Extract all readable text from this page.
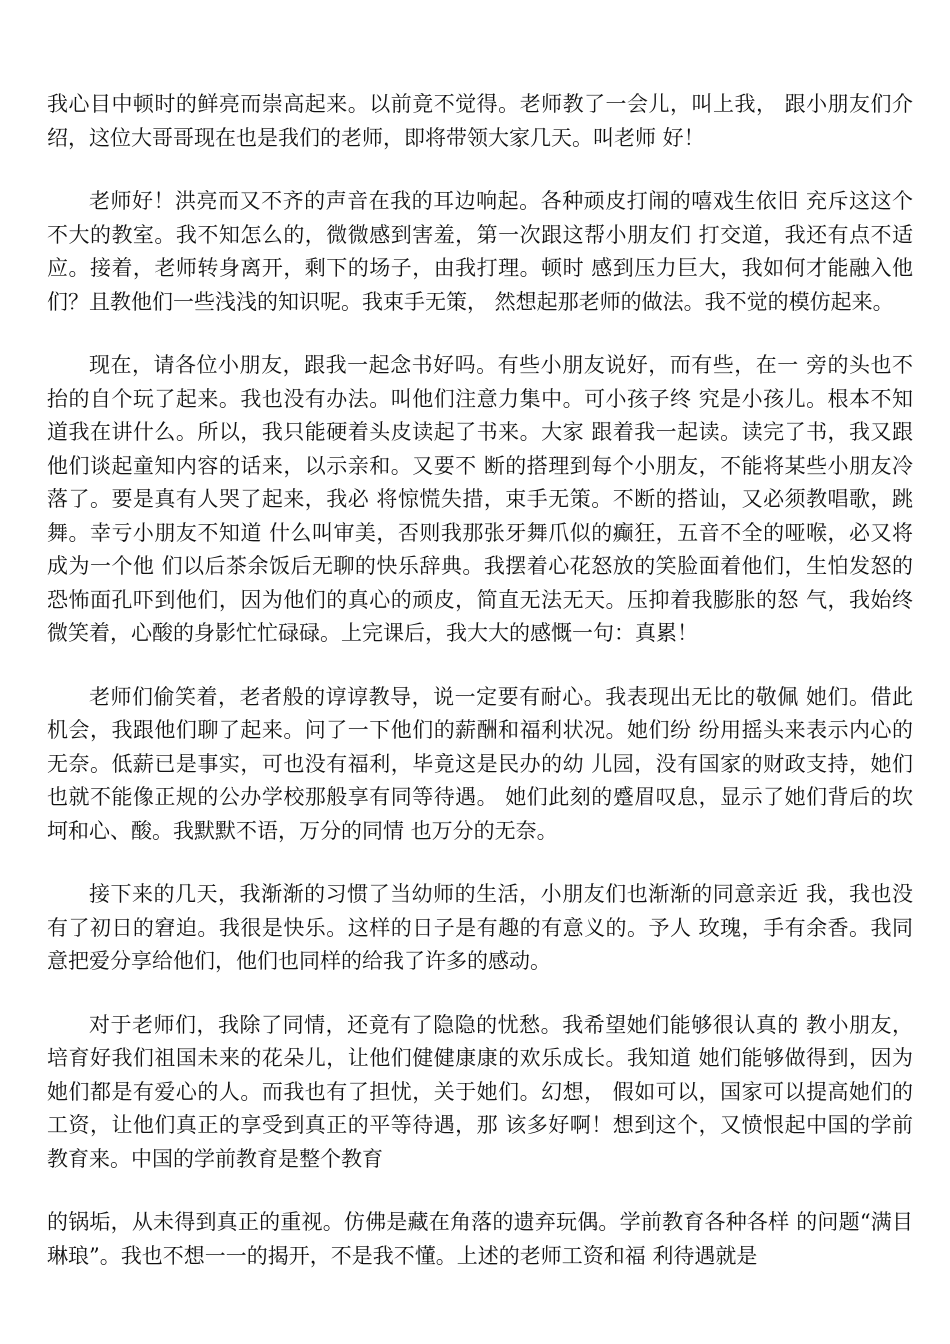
我心目中顿时的鲜亮而崇高起来。以前竟不觉得。老师教了一会儿，叫上我， 跟小朋友们介绍，这位大哥哥现在也是我们的老师，即将带领大家几天。叫老师 好！

老师好！洪亮而又不齐的声音在我的耳边响起。各种顽皮打闹的嘻戏生依旧 充斥这这个不大的教室。我不知怎么的，微微感到害羞，第一次跟这帮小朋友们 打交道，我还有点不适应。接着，老师转身离开，剩下的场子，由我打理。顿时 感到压力巨大，我如何才能融入他们？且教他们一些浅浅的知识呢。我束手无策， 然想起那老师的做法。我不觉的模仿起来。

现在，请各位小朋友，跟我一起念书好吗。有些小朋友说好，而有些，在一 旁的头也不抬的自个玩了起来。我也没有办法。叫他们注意力集中。可小孩子终 究是小孩儿。根本不知道我在讲什么。所以，我只能硬着头皮读起了书来。大家 跟着我一起读。读完了书，我又跟他们谈起童知内容的话来，以示亲和。又要不 断的搭理到每个小朋友，不能将某些小朋友冷落了。要是真有人哭了起来，我必 将惊慌失措，束手无策。不断的搭讪，又必须教唱歌，跳舞。幸亏小朋友不知道 什么叫审美，否则我那张牙舞爪似的癫狂，五音不全的哑喉，必又将成为一个他 们以后茶余饭后无聊的快乐辞典。我摆着心花怒放的笑脸面着他们，生怕发怒的 恐怖面孔吓到他们，因为他们的真心的顽皮，简直无法无天。压抑着我膨胀的怒 气，我始终微笑着，心酸的身影忙忙碌碌。上完课后，我大大的感慨一句：真累！

老师们偷笑着，老者般的谆谆教导，说一定要有耐心。我表现出无比的敬佩 她们。借此机会，我跟他们聊了起来。问了一下他们的薪酬和福利状况。她们纷 纷用摇头来表示内心的无奈。低薪已是事实，可也没有福利，毕竟这是民办的幼 儿园，没有国家的财政支持，她们也就不能像正规的公办学校那般享有同等待遇。 她们此刻的蹙眉叹息，显示了她们背后的坎坷和心、酸。我默默不语，万分的同情 也万分的无奈。

接下来的几天，我渐渐的习惯了当幼师的生活，小朋友们也渐渐的同意亲近 我，我也没有了初日的窘迫。我很是快乐。这样的日子是有趣的有意义的。予人 玫瑰，手有余香。我同意把爱分享给他们，他们也同样的给我了许多的感动。

对于老师们，我除了同情，还竟有了隐隐的忧愁。我希望她们能够很认真的 教小朋友，培育好我们祖国未来的花朵儿，让他们健健康康的欢乐成长。我知道 她们能够做得到，因为她们都是有爱心的人。而我也有了担忧，关于她们。幻想， 假如可以，国家可以提高她们的工资，让他们真正的享受到真正的平等待遇，那 该多好啊！想到这个，又愤恨起中国的学前教育来。中国的学前教育是整个教育

的锅垢，从未得到真正的重视。仿佛是藏在角落的遗弃玩偶。学前教育各种各样 的问题“满目琳琅”。我也不想一一的揭开，不是我不懂。上述的老师工资和福 利待遇就是
